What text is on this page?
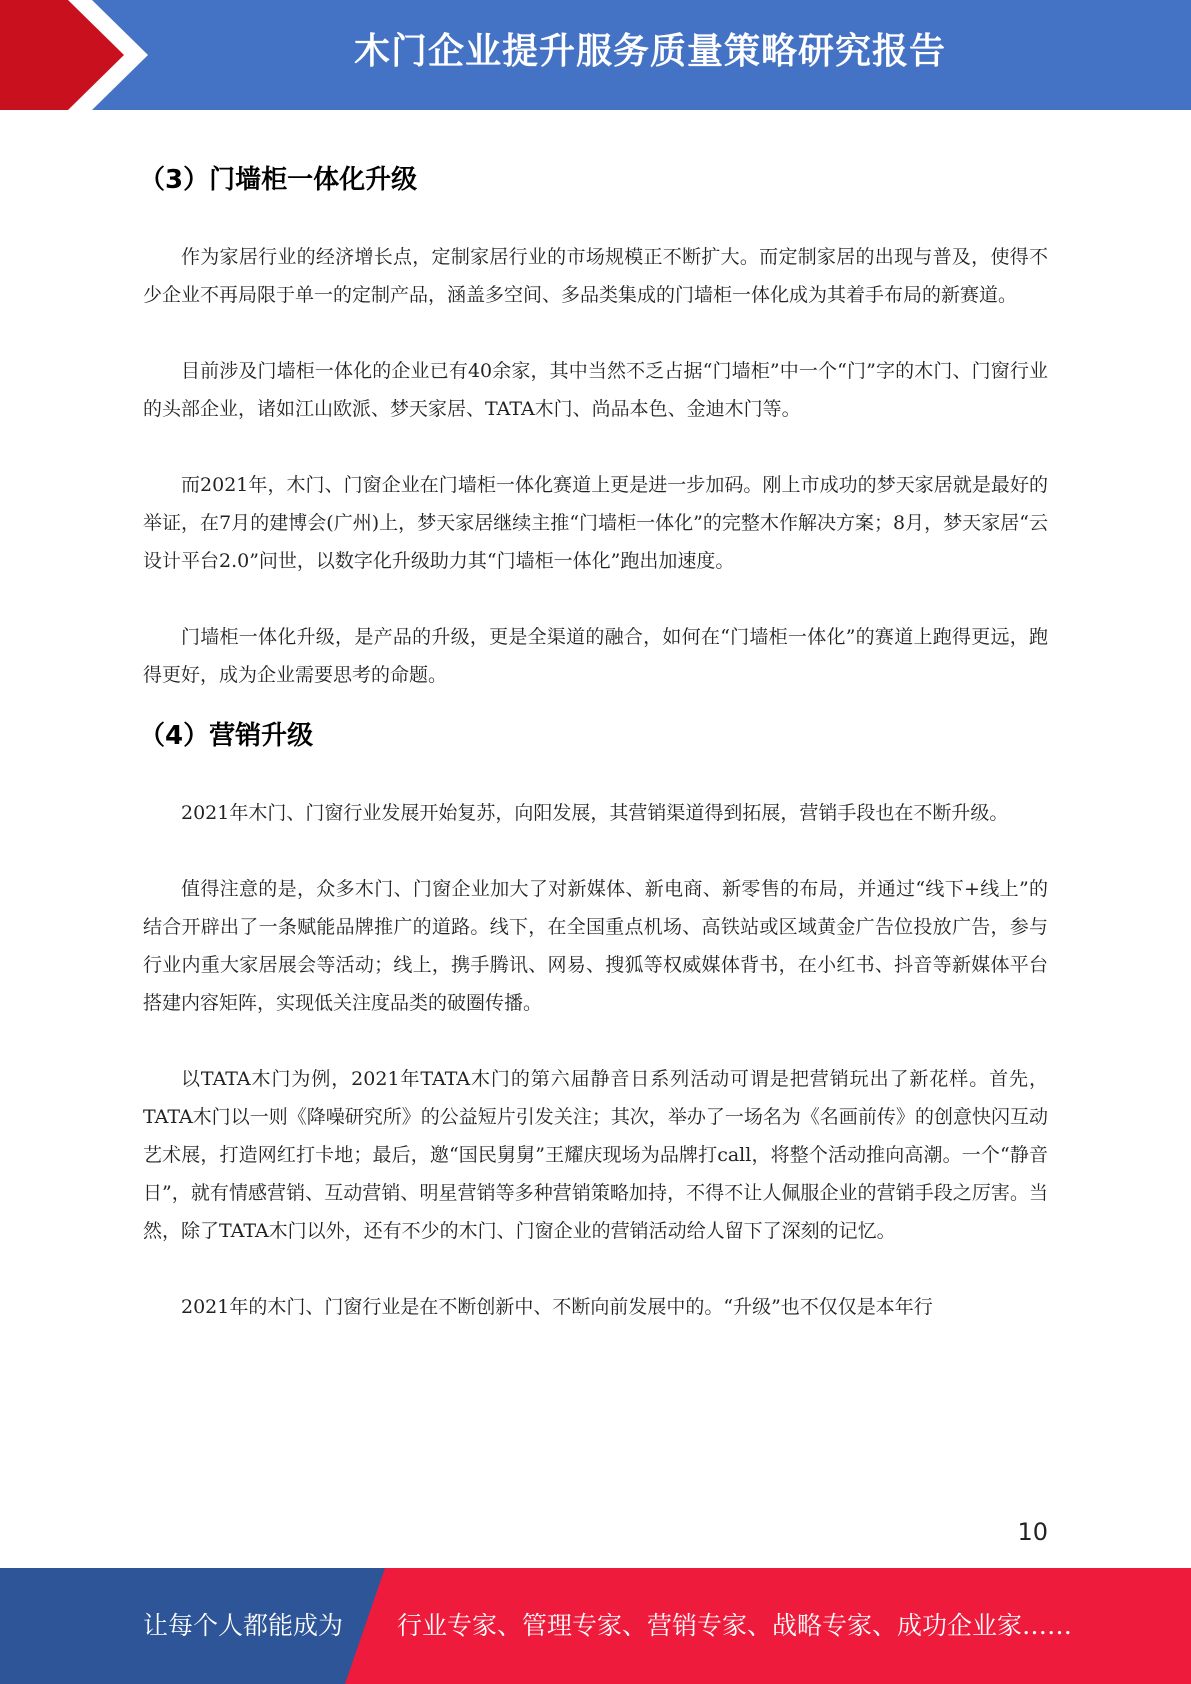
木门企业提升服务质量策略研究报告
（3）门墙柜一体化升级

作为家居行业的经济增长点，定制家居行业的市场规模正不断扩大。而定制家居的出现与普及，使得不少企业不再局限于单一的定制产品，涵盖多空间、多品类集成的门墙柜一体化成为其着手布局的新赛道。

目前涉及门墙柜一体化的企业已有40余家，其中当然不乏占据“门墙柜”中一个“门”字的木门、门窗行业的头部企业，诸如江山欧派、梦天家居、TATA木门、尚品本色、金迪木门等。

而2021年，木门、门窗企业在门墙柜一体化赛道上更是进一步加码。刚上市成功的梦天家居就是最好的举证，在7月的建博会(广州)上，梦天家居继续主推“门墙柜一体化”的完整木作解决方案；8月，梦天家居“云设计平台2.0”问世，以数字化升级助力其“门墙柜一体化”跑出加速度。

门墙柜一体化升级，是产品的升级，更是全渠道的融合，如何在“门墙柜一体化”的赛道上跑得更远，跑得更好，成为企业需要思考的命题。

（4）营销升级

2021年木门、门窗行业发展开始复苏，向阳发展，其营销渠道得到拓展，营销手段也在不断升级。

值得注意的是，众多木门、门窗企业加大了对新媒体、新电商、新零售的布局，并通过“线下+线上”的结合开辟出了一条赋能品牌推广的道路。线下，在全国重点机场、高铁站或区域黄金广告位投放广告，参与行业内重大家居展会等活动；线上，携手腾讯、网易、搜狐等权威媒体背书，在小红书、抖音等新媒体平台搭建内容矩阵，实现低关注度品类的破圈传播。

以TATA木门为例，2021年TATA木门的第六届静音日系列活动可谓是把营销玩出了新花样。首先，TATA木门以一则《降噪研究所》的公益短片引发关注；其次，举办了一场名为《名画前传》的创意快闪互动艺术展，打造网红打卡地；最后，邀“国民舅舅”王耀庆现场为品牌打call，将整个活动推向高潮。一个“静音日”，就有情感营销、互动营销、明星营销等多种营销策略加持，不得不让人佩服企业的营销手段之厉害。当然，除了TATA木门以外，还有不少的木门、门窗企业的营销活动给人留下了深刻的记忆。

2021年的木门、门窗行业是在不断创新中、不断向前发展中的。“升级”也不仅仅是本年行

10
让每个人都能成为 行业专家、管理专家、营销专家、战略专家、成功企业家……
